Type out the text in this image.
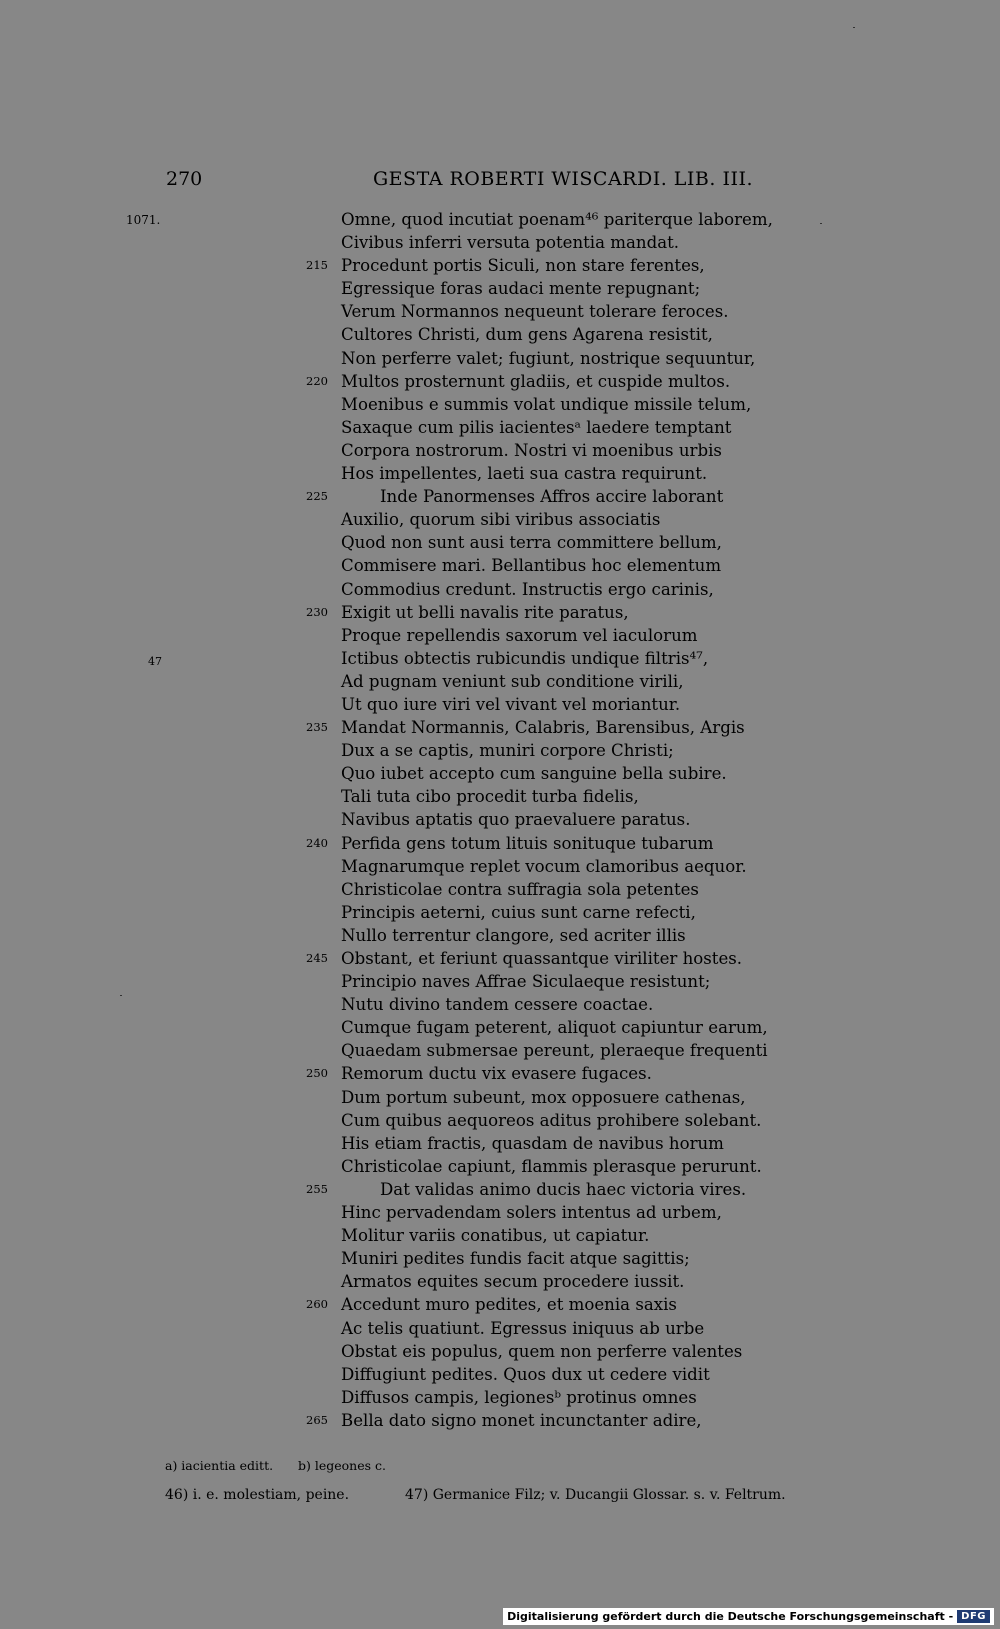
270	GESTA ROBERTI WISCARDI. LIB. III.
1071.
47
Omne, quod incutiat poenam⁴⁶ pariterque laborem,
Civibus inferri versuta potentia mandat.
215 Procedunt portis Siculi, non stare ferentes,
Egressique foras audaci mente repugnant;
Verum Normannos nequeunt tolerare feroces.
Cultores Christi, dum gens Agarena resistit,
Non perferre valet; fugiunt, nostrique sequuntur,
220 Multos prosternunt gladiis, et cuspide multos.
Moenibus e summis volat undique missile telum,
Saxaque cum pilis iacientesᵃ laedere temptant
Corpora nostrorum. Nostri vi moenibus urbis
Hos impellentes, laeti sua castra requirunt.
225	Inde Panormenses Affros accire laborant
Auxilio, quorum sibi viribus associatis
Quod non sunt ausi terra committere bellum,
Commisere mari. Bellantibus hoc elementum
Commodius credunt. Instructis ergo carinis,
230 Exigit ut belli navalis rite paratus,
Proque repellendis saxorum vel iaculorum
Ictibus obtectis rubicundis undique filtris⁴⁷,
Ad pugnam veniunt sub conditione virili,
Ut quo iure viri vel vivant vel moriantur.
235 Mandat Normannis, Calabris, Barensibus, Argis
Dux a se captis, muniri corpore Christi;
Quo iubet accepto cum sanguine bella subire.
Tali tuta cibo procedit turba fidelis,
Navibus aptatis quo praevaluere paratus.
240 Perfida gens totum lituis sonituque tubarum
Magnarumque replet vocum clamoribus aequor.
Christicolae contra suffragia sola petentes
Principis aeterni, cuius sunt carne refecti,
Nullo terrentur clangore, sed acriter illis
245 Obstant, et feriunt quassantque viriliter hostes.
Principio naves Affrae Siculaeque resistunt;
Nutu divino tandem cessere coactae.
Cumque fugam peterent, aliquot capiuntur earum,
Quaedam submersae pereunt, pleraeque frequenti
250 Remorum ductu vix evasere fugaces.
Dum portum subeunt, mox opposuere cathenas,
Cum quibus aequoreos aditus prohibere solebant.
His etiam fractis, quasdam de navibus horum
Christicolae capiunt, flammis plerasque perurunt.
255	Dat validas animo ducis haec victoria vires.
Hinc pervadendam solers intentus ad urbem,
Molitur variis conatibus, ut capiatur.
Muniri pedites fundis facit atque sagittis;
Armatos equites secum procedere iussit.
260 Accedunt muro pedites, et moenia saxis
Ac telis quatiunt. Egressus iniquus ab urbe
Obstat eis populus, quem non perferre valentes
Diffugiunt pedites. Quos dux ut cedere vidit
Diffusos campis, legionesᵇ protinus omnes
265 Bella dato signo monet incunctanter adire,
a) iacientia editt. b) legeones c.
46) i. e. molestiam, peine.	47) Germanice Filz; v. Ducangii Glossar. s. v. Feltrum.
Digitalisierung gefördert durch die Deutsche Forschungsgemeinschaft - DFG
